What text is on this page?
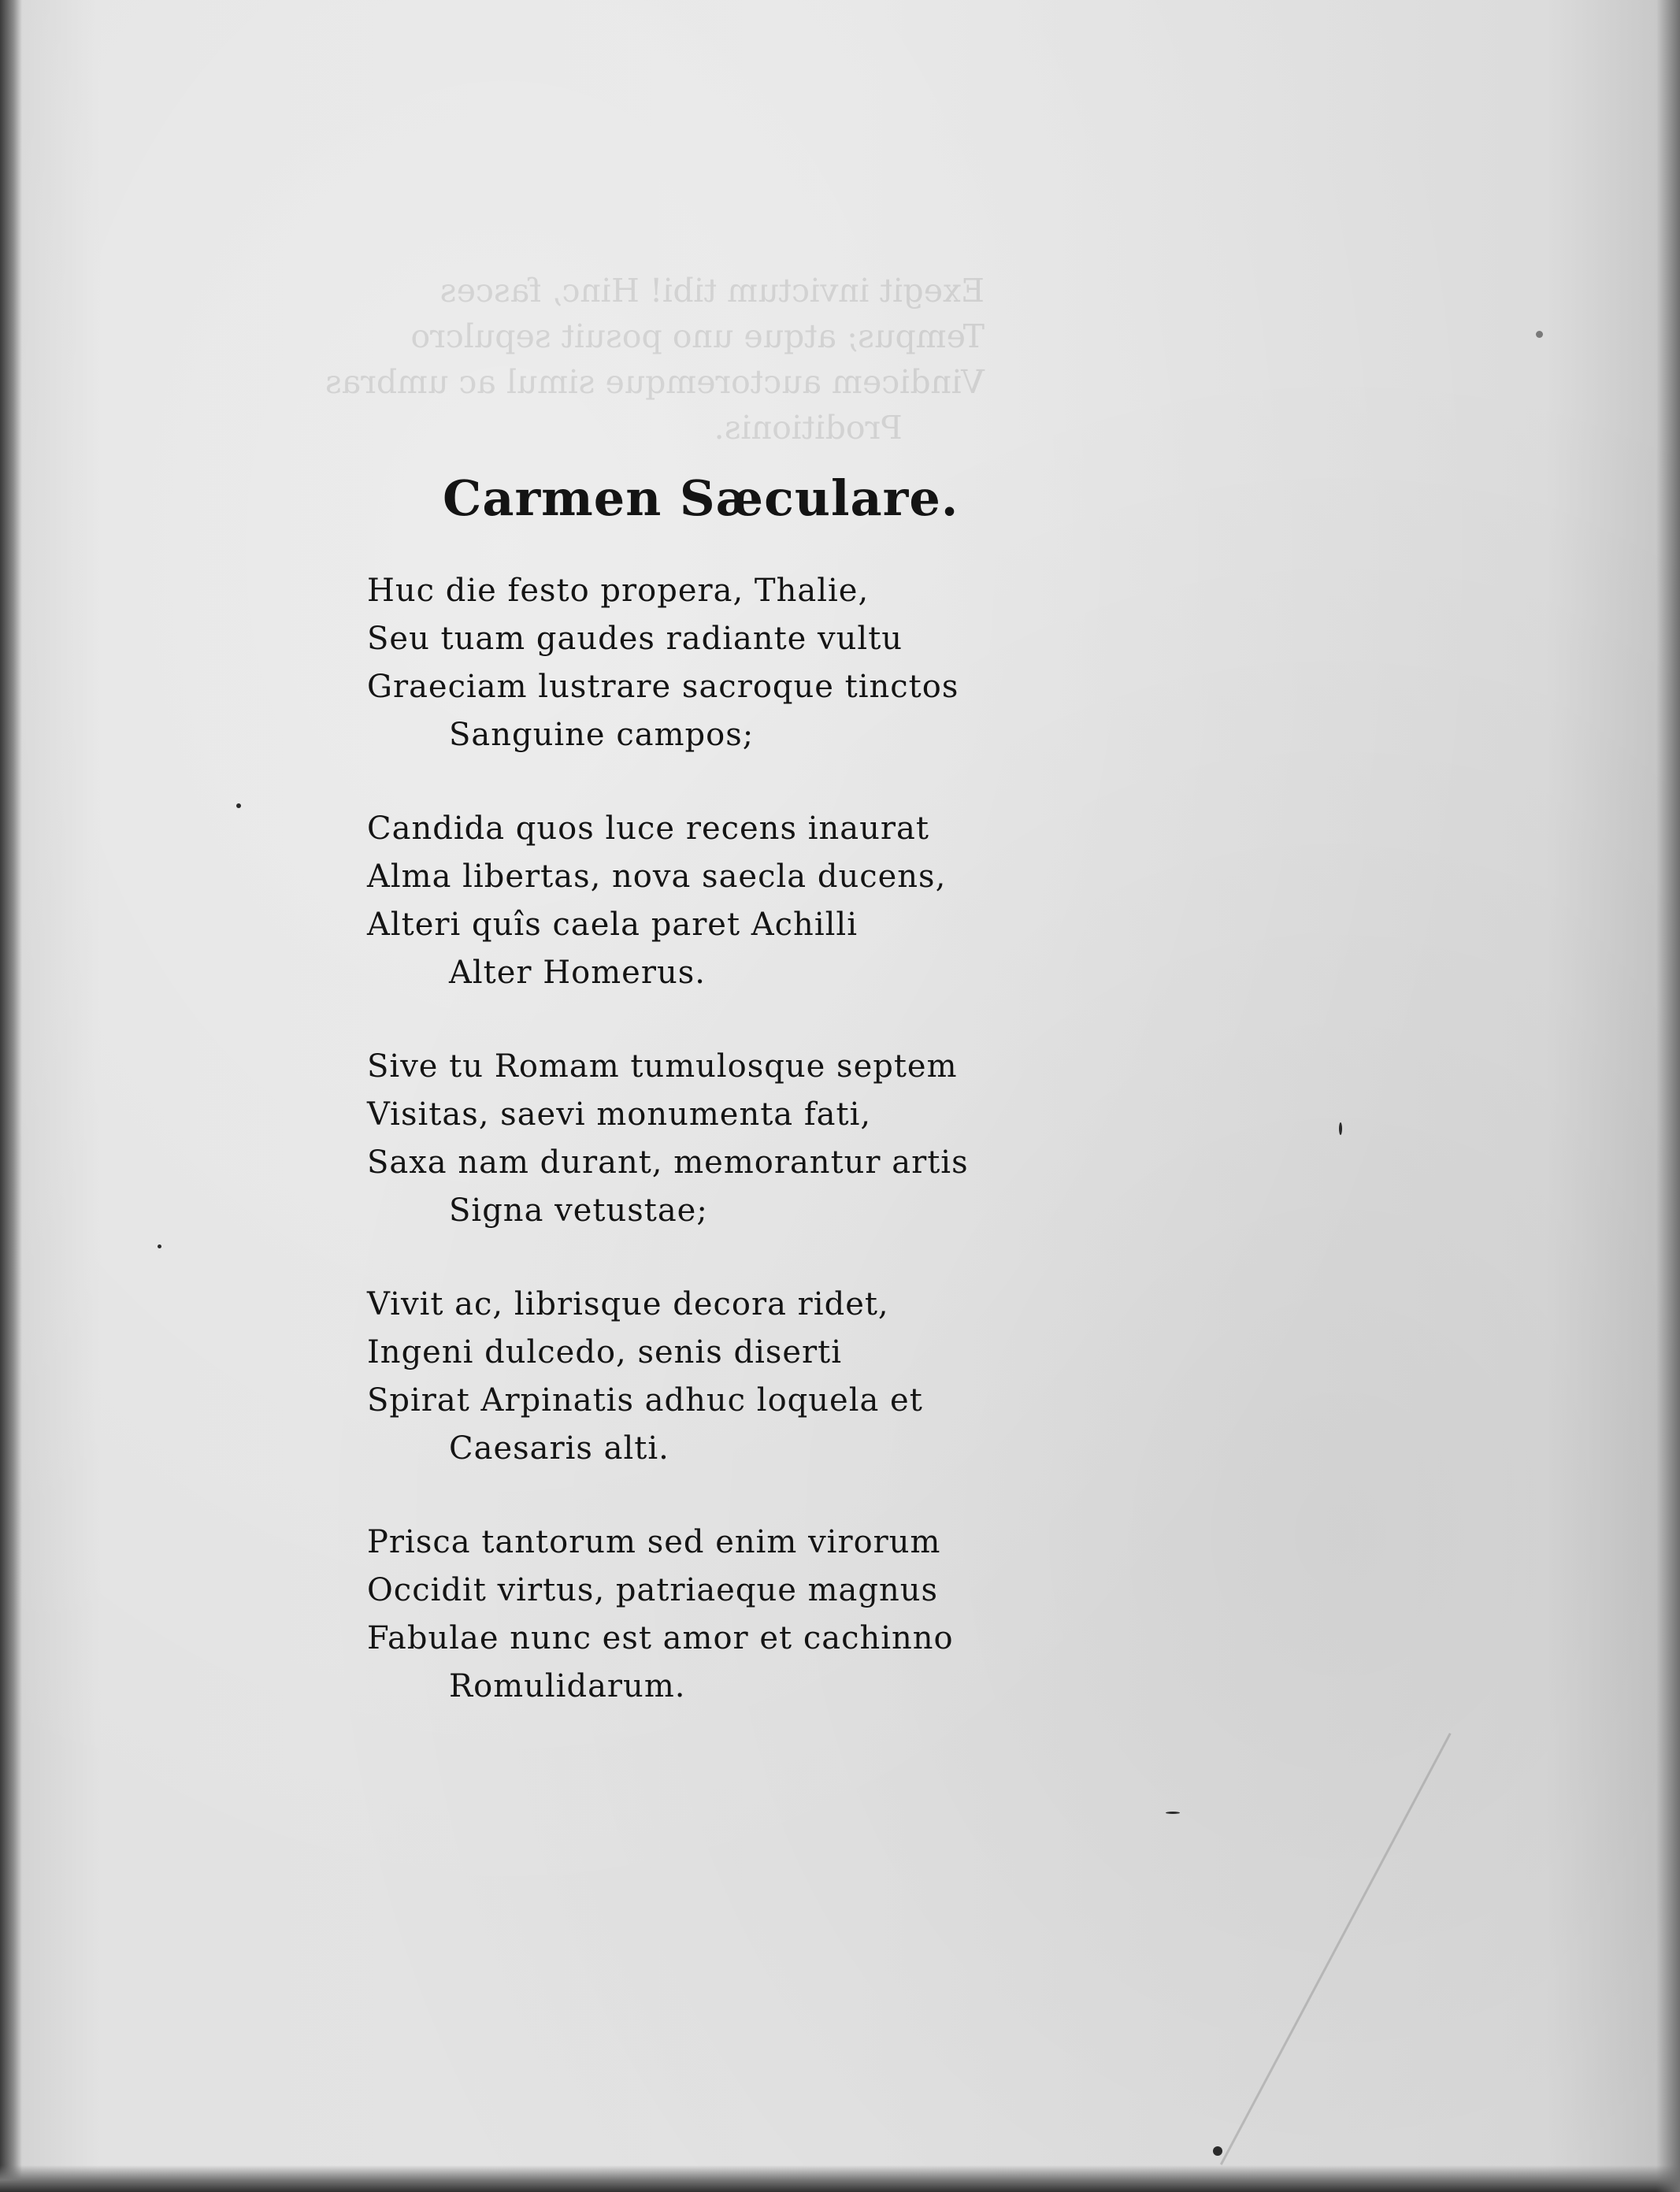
Exegit invictum tibi! Hinc, fasces
Tempus; atque uno posuit sepulcro
Vindicem auctoremque simul ac umbras
Proditionis.
Carmen Sæculare.
Huc die festo propera, Thalie,
Seu tuam gaudes radiante vultu
Graeciam lustrare sacroque tinctos
Sanguine campos;
Candida quos luce recens inaurat
Alma libertas, nova saecla ducens,
Alteri quîs caela paret Achilli
Alter Homerus.
Sive tu Romam tumulosque septem
Visitas, saevi monumenta fati,
Saxa nam durant, memorantur artis
Signa vetustae;
Vivit ac, librisque decora ridet,
Ingeni dulcedo, senis diserti
Spirat Arpinatis adhuc loquela et
Caesaris alti.
Prisca tantorum sed enim virorum
Occidit virtus, patriaeque magnus
Fabulae nunc est amor et cachinno
Romulidarum.
